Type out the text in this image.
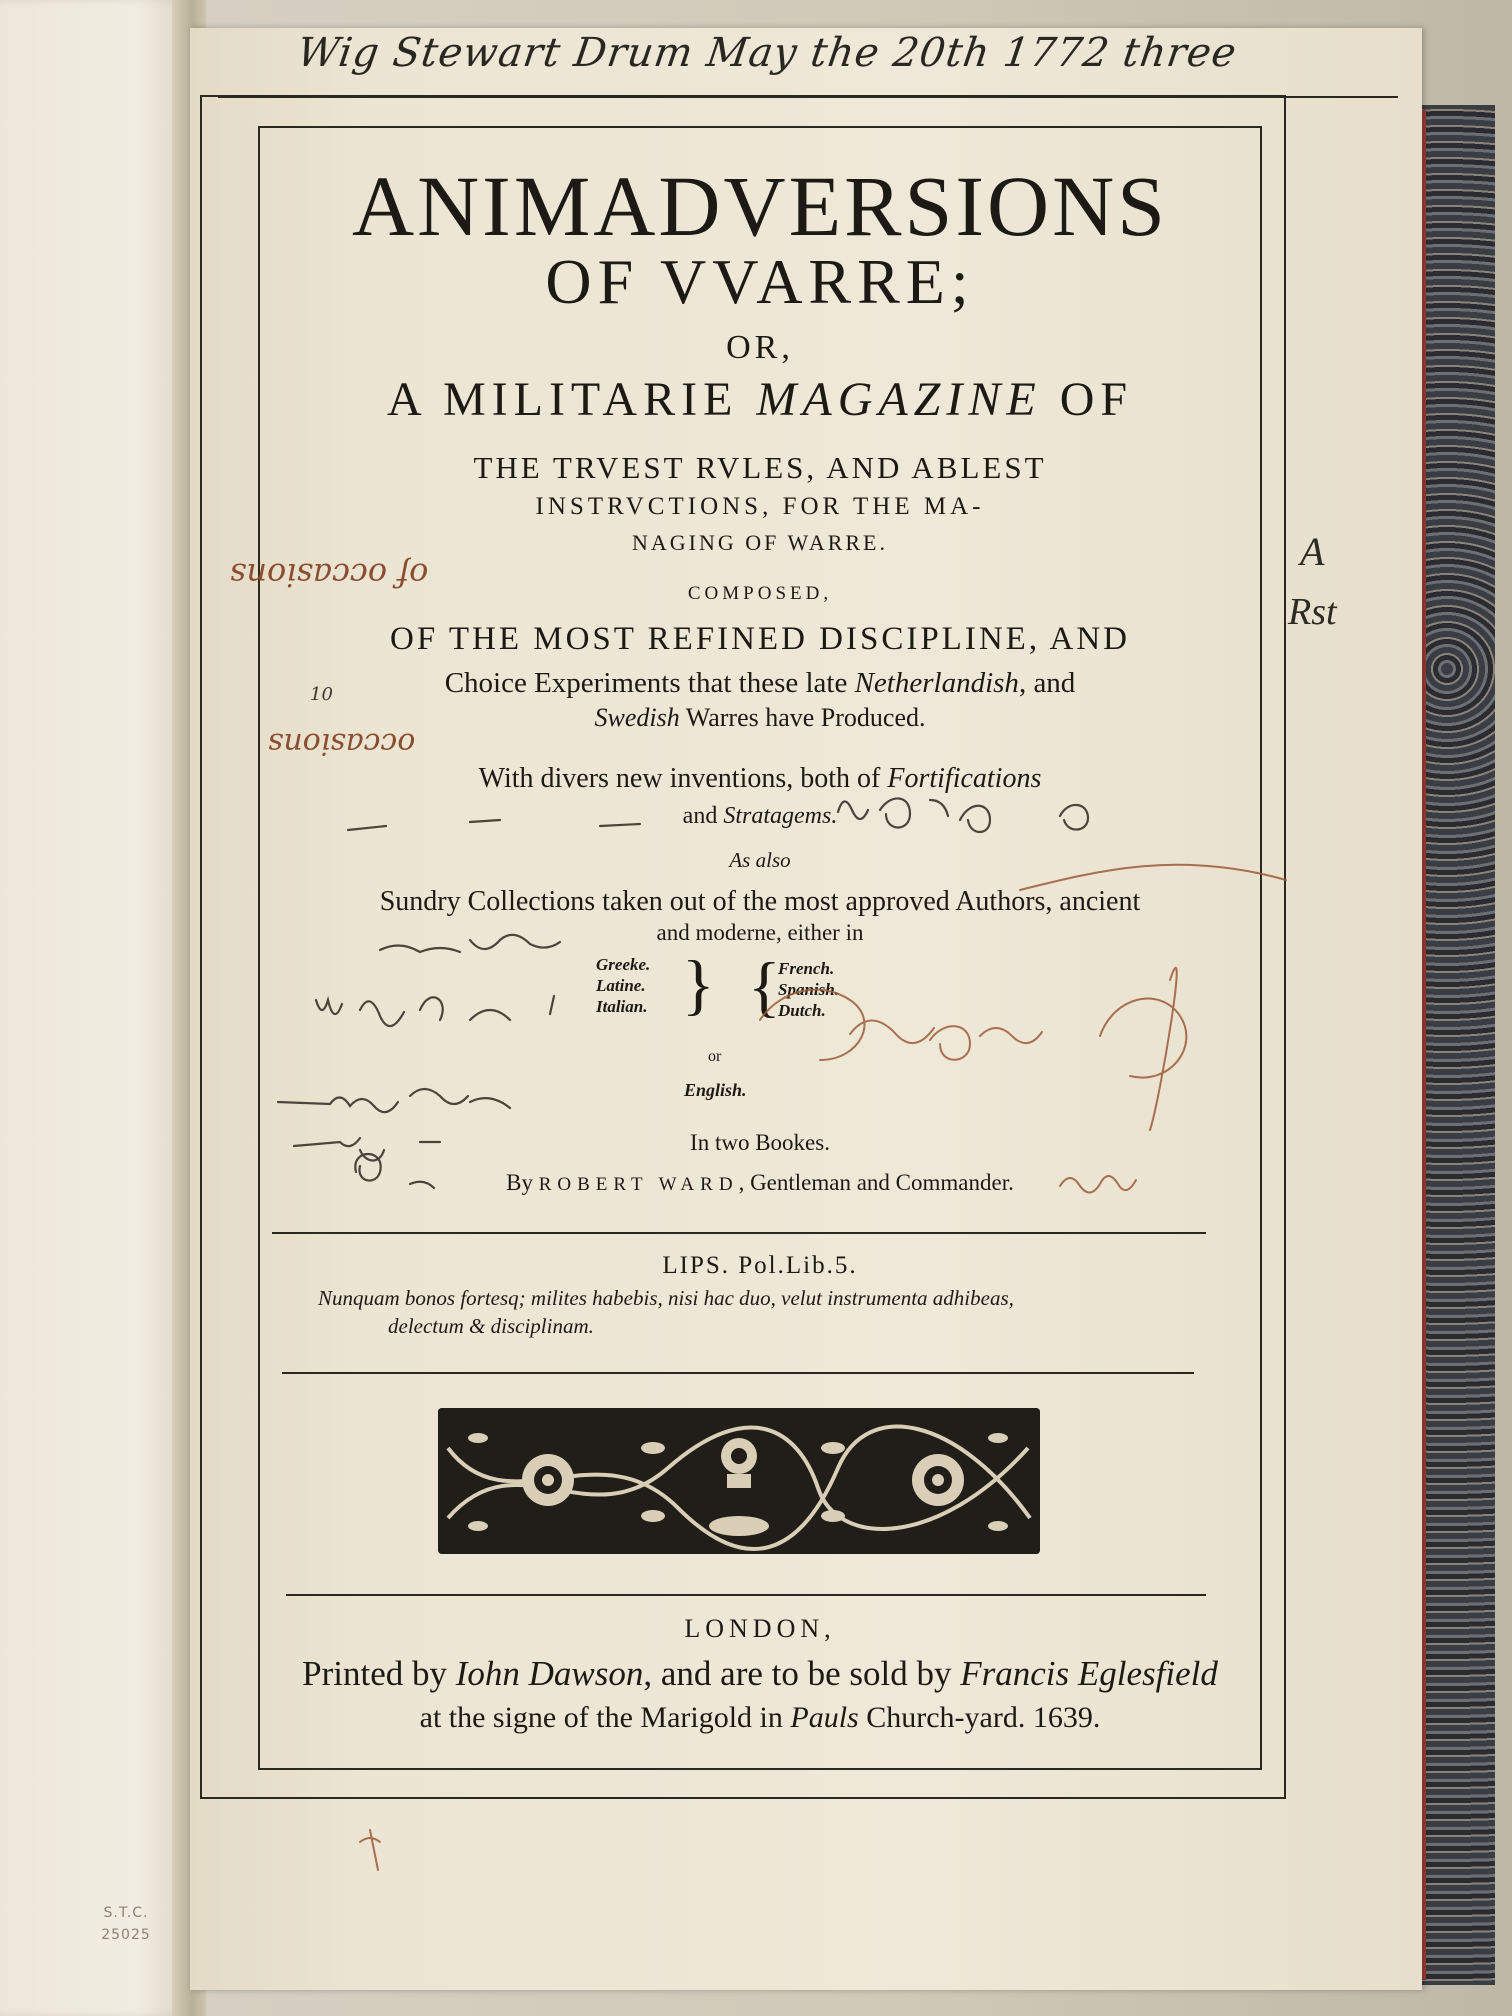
S.T.C.
25025
Wig Stewart Drum May the 20th 1772 three
ANIMADVERSIONS
OF VVARRE;
OR,
A MILITARIE MAGAZINE OF
THE TRVEST RVLES, AND ABLEST
INSTRVCTIONS, FOR THE MA-
NAGING OF WARRE.
COMPOSED,
OF THE MOST REFINED DISCIPLINE, AND
Choice Experiments that these late Netherlandish, and
Swedish Warres have Produced.
With divers new inventions, both of Fortifications
and Stratagems.
As also
Sundry Collections taken out of the most approved Authors, ancient
and moderne, either in
Greeke.
Latine.
Italian. } {
French.
Spanish.
Dutch.
or
English.
In two Bookes.
By ROBERT WARD, Gentleman and Commander.
LIPS. Pol.Lib.5.
Nunquam bonos fortesq; milites habebis, nisi hac duo, velut instrumenta adhibeas,
delectum & disciplinam.
LONDON,
Printed by Iohn Dawson, and are to be sold by Francis Eglesfield
at the signe of the Marigold in Pauls Church-yard. 1639.
of occasions
10
occasions
A
Rst
